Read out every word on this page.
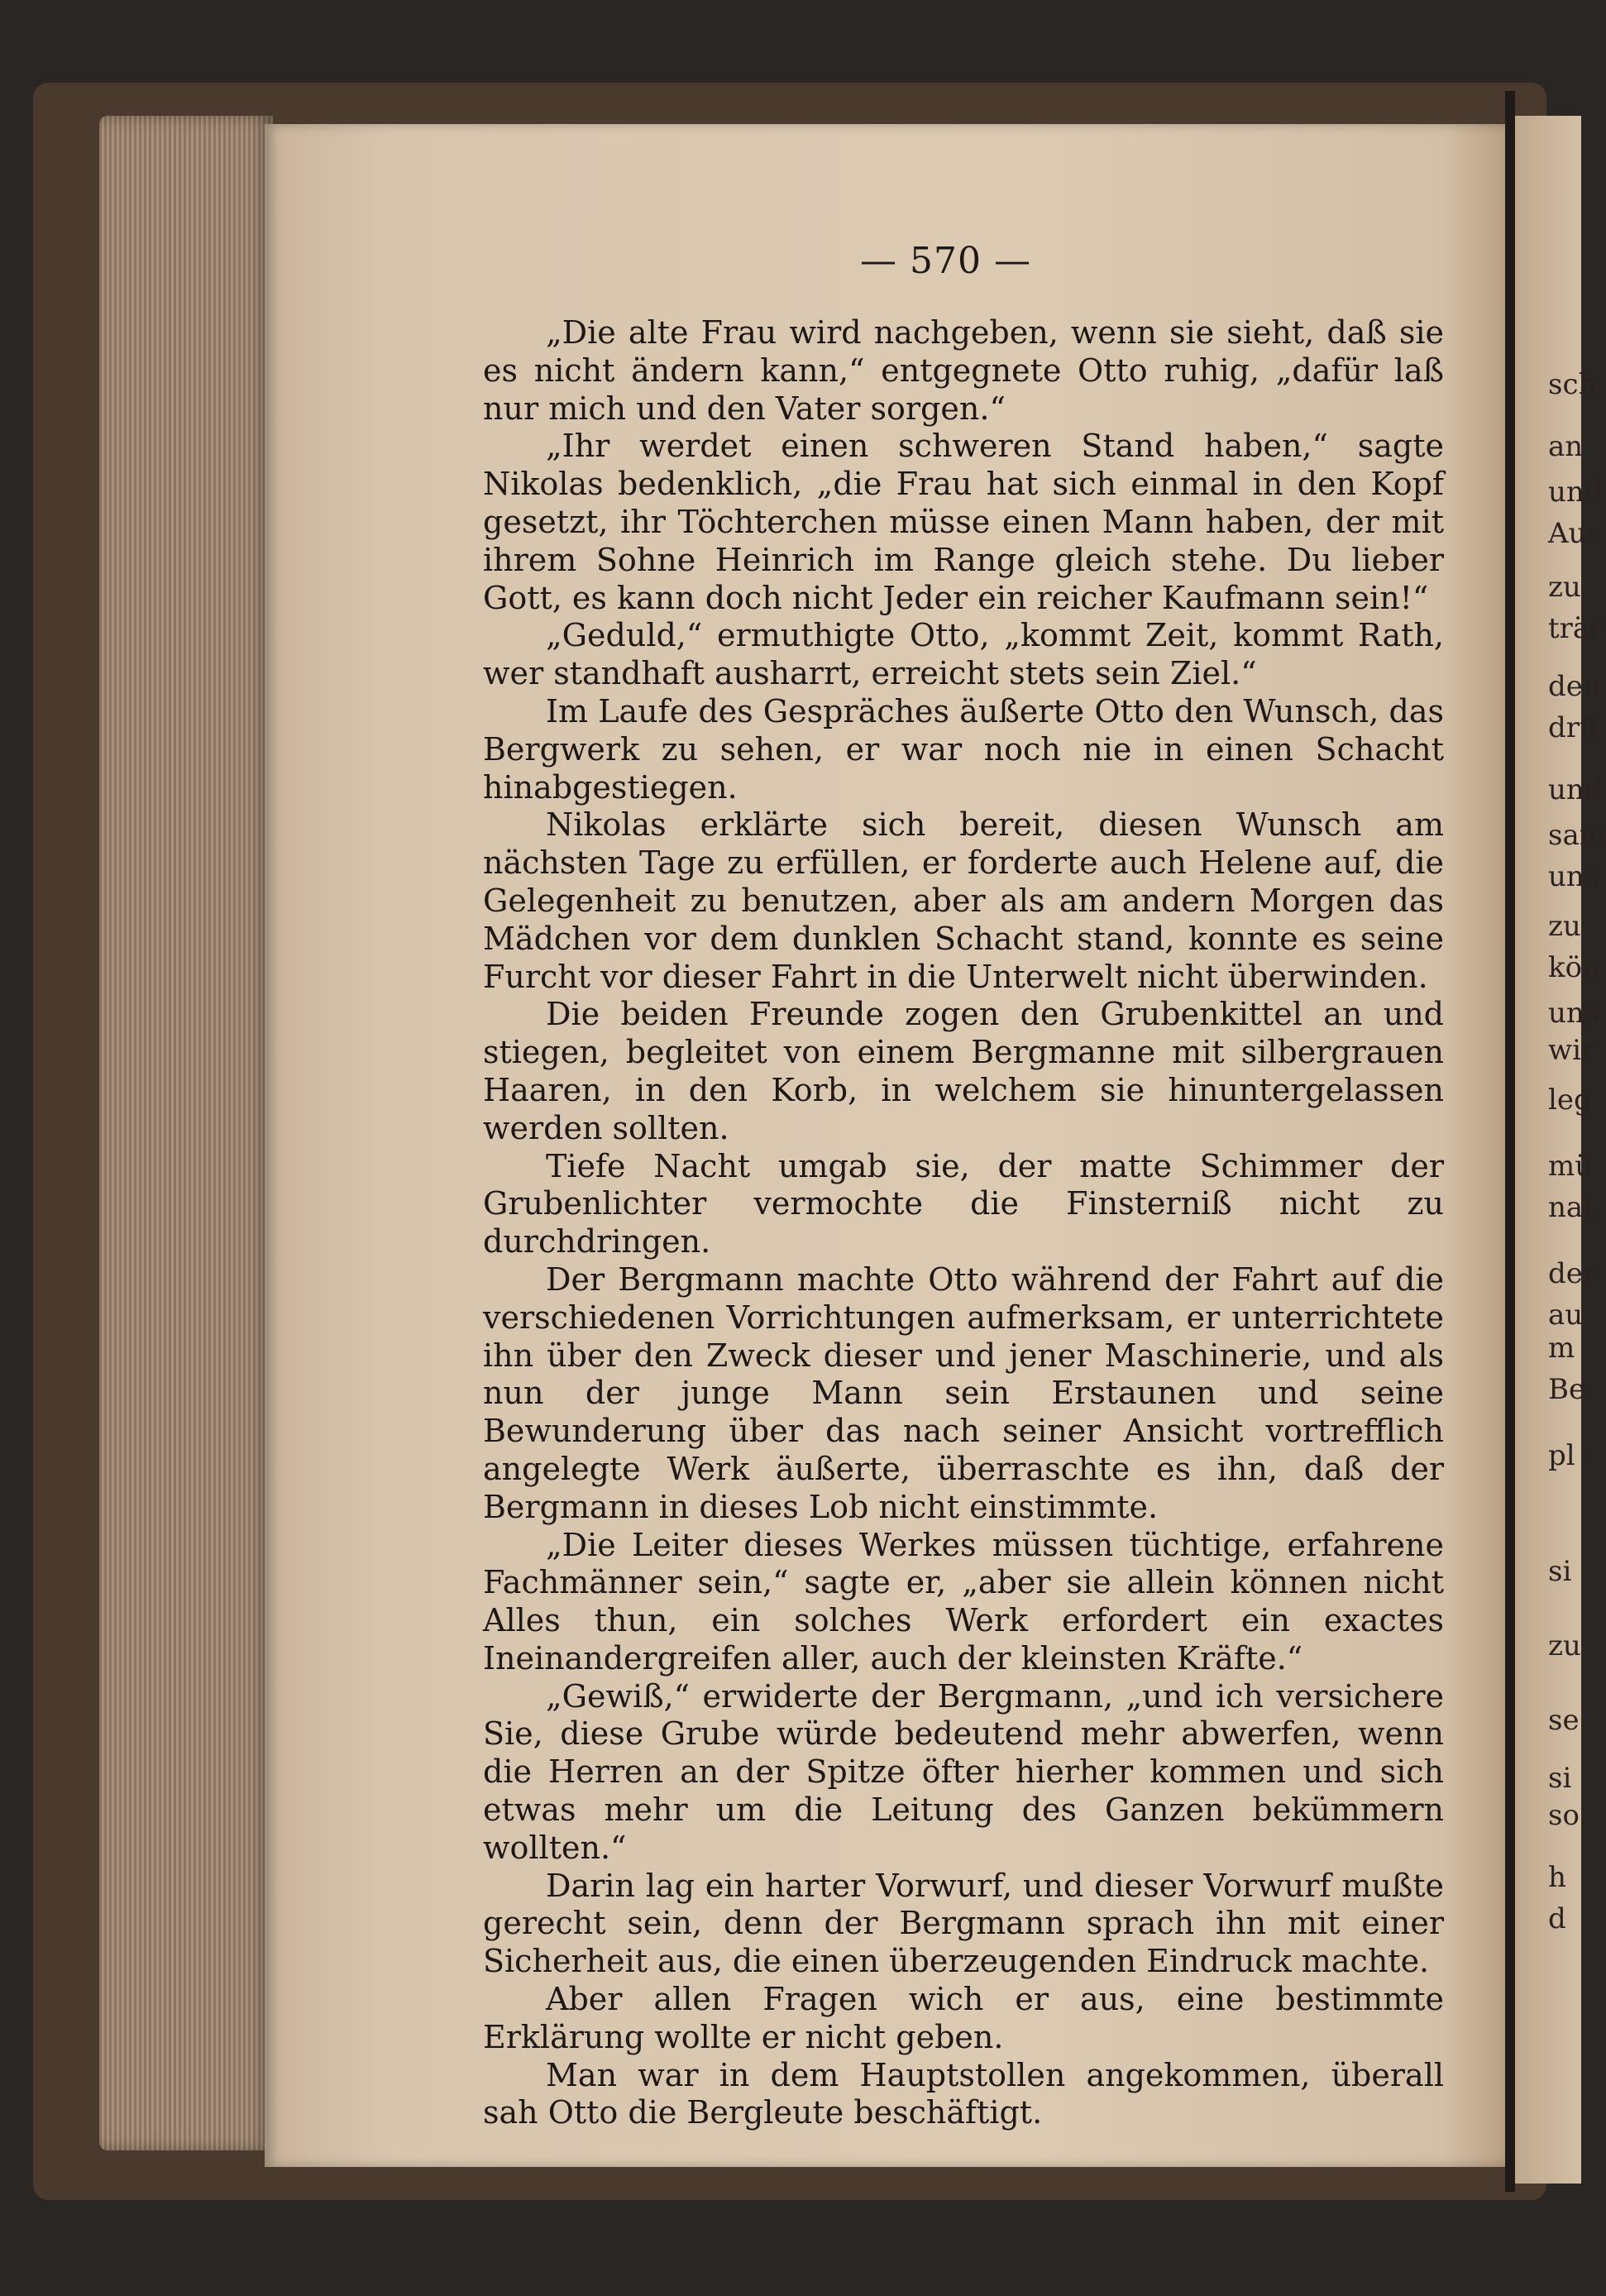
— 570 —

„Die alte Frau wird nachgeben, wenn sie sieht, daß sie es nicht ändern kann,“ entgegnete Otto ruhig, „dafür laß nur mich und den Vater sorgen.“

„Ihr werdet einen schweren Stand haben,“ sagte Nikolas bedenklich, „die Frau hat sich einmal in den Kopf gesetzt, ihr Töchterchen müsse einen Mann haben, der mit ihrem Sohne Heinrich im Range gleich stehe. Du lieber Gott, es kann doch nicht Jeder ein reicher Kaufmann sein!“

„Geduld,“ ermuthigte Otto, „kommt Zeit, kommt Rath, wer standhaft ausharrt, erreicht stets sein Ziel.“

Im Laufe des Gespräches äußerte Otto den Wunsch, das Bergwerk zu sehen, er war noch nie in einen Schacht hinabgestiegen.

Nikolas erklärte sich bereit, diesen Wunsch am nächsten Tage zu erfüllen, er forderte auch Helene auf, die Gelegenheit zu benutzen, aber als am andern Morgen das Mädchen vor dem dunklen Schacht stand, konnte es seine Furcht vor dieser Fahrt in die Unterwelt nicht überwinden.

Die beiden Freunde zogen den Grubenkittel an und stiegen, begleitet von einem Bergmanne mit silbergrauen Haaren, in den Korb, in welchem sie hinuntergelassen werden sollten.

Tiefe Nacht umgab sie, der matte Schimmer der Grubenlichter vermochte die Finsterniß nicht zu durchdringen.

Der Bergmann machte Otto während der Fahrt auf die verschiedenen Vorrichtungen aufmerksam, er unterrichtete ihn über den Zweck dieser und jener Maschinerie, und als nun der junge Mann sein Erstaunen und seine Bewunderung über das nach seiner Ansicht vortrefflich angelegte Werk äußerte, überraschte es ihn, daß der Bergmann in dieses Lob nicht einstimmte.

„Die Leiter dieses Werkes müssen tüchtige, erfahrene Fachmänner sein,“ sagte er, „aber sie allein können nicht Alles thun, ein solches Werk erfordert ein exactes Ineinandergreifen aller, auch der kleinsten Kräfte.“

„Gewiß,“ erwiderte der Bergmann, „und ich versichere Sie, diese Grube würde bedeutend mehr abwerfen, wenn die Herren an der Spitze öfter hierher kommen und sich etwas mehr um die Leitung des Ganzen bekümmern wollten.“

Darin lag ein harter Vorwurf, und dieser Vorwurf mußte gerecht sein, denn der Bergmann sprach ihn mit einer Sicherheit aus, die einen überzeugenden Eindruck machte.

Aber allen Fragen wich er aus, eine bestimmte Erklärung wollte er nicht geben.

Man war in dem Hauptstollen angekommen, überall sah Otto die Bergleute beschäftigt.

sch
an
und
Aus
zu
träf
den
drü
und
sam
uns
zu
kön
uns
wir
leg
mü
nat
der
au
m
Be
pl
si
zu
se
si
so
h
d
